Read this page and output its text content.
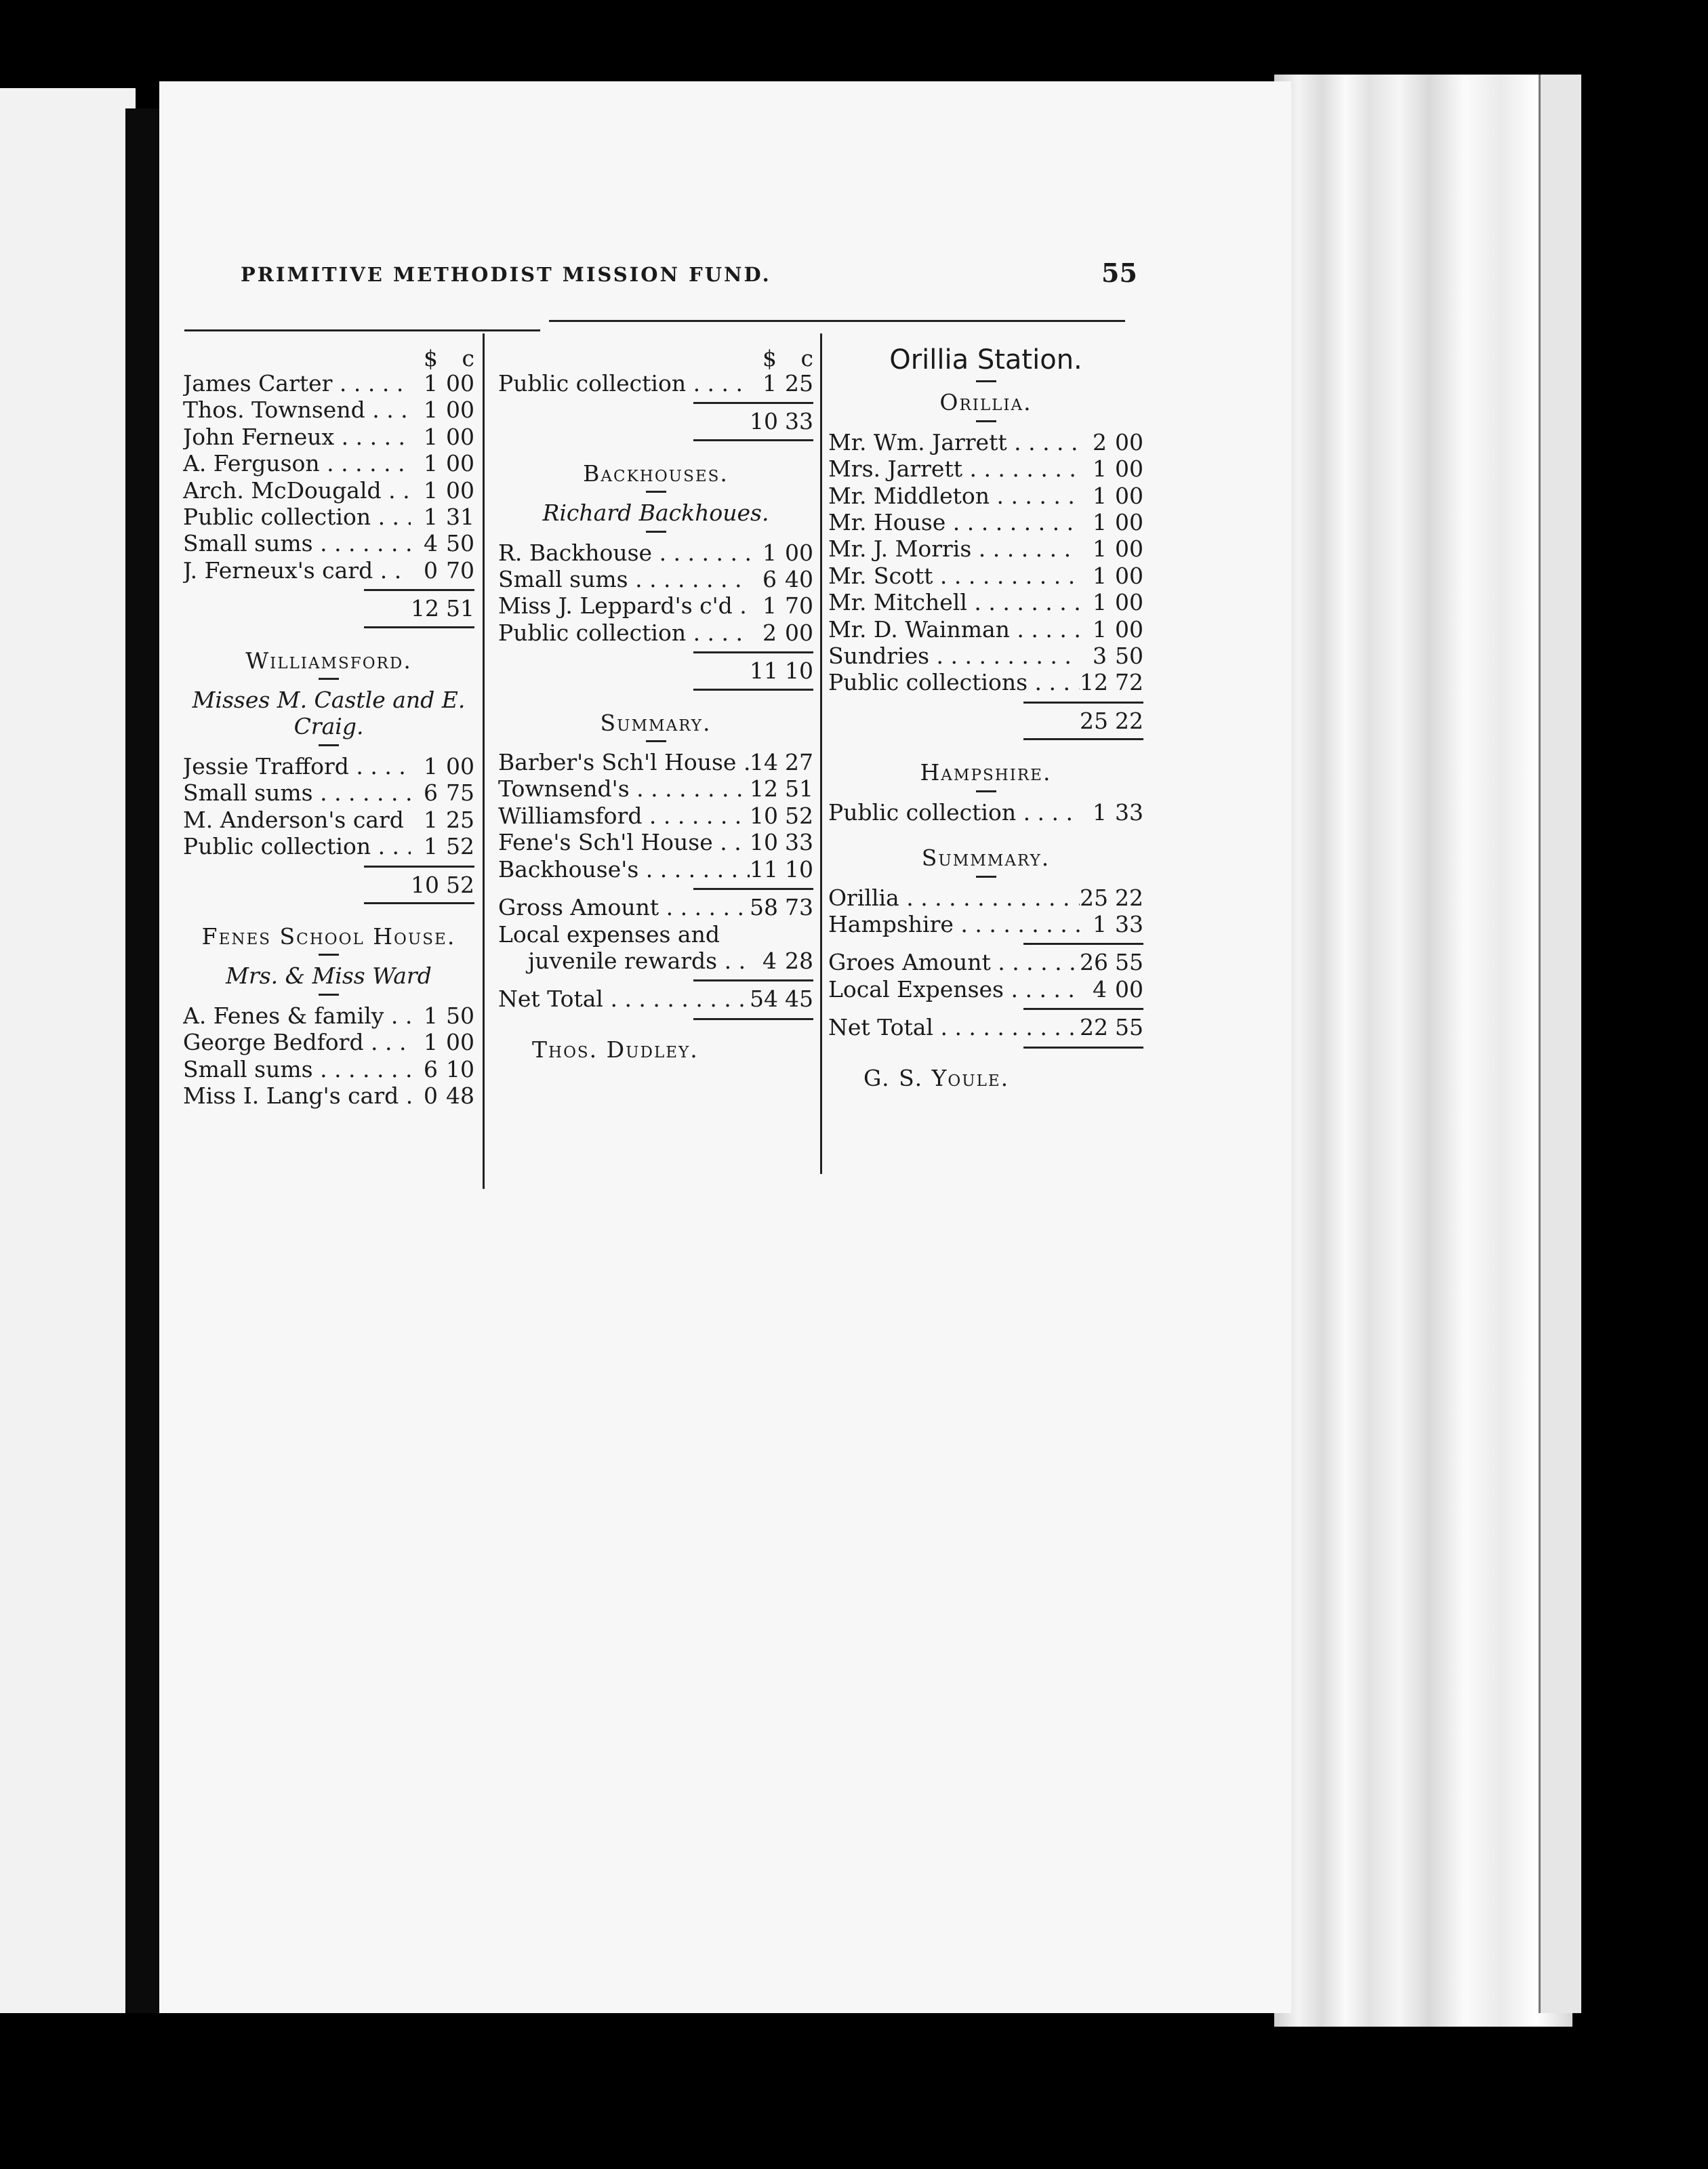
PRIMITIVE METHODIST MISSION FUND.	55
$	c
James Carter . . .	1 00
Thos. Townsend . . .	1 00
John Ferneux . . .	1 00
A. Ferguson . . .	1 00
Arch. McDougald . . .	1 00
Public collection . . .	1 31
Small sums . . .	4 50
J. Ferneux's card . . .	0 70
12 51
Williamsford.
Misses M. Castle and E. Craig.
Jessie Trafford . . .	1 00
Small sums . . .	6 75
M. Anderson's card . . . 1 25
Public collection . . .	1 52
10 52
Fenes School House.
Mrs. & Miss Ward
A. Fenes & family . . .	1 50
George Bedford . . .	1 00
Small sums . . .	6 10
Miss I. Lang's card . . .	0 48
$	c
Public collection . . .	1 25
10 33
Backhouses.
Richard Backhoues.
R. Backhouse . . .	1 00
Small sums . . .	6 40
Miss J. Leppard's c'd . . .	1 70
Public collection . . .	2 00
11 10
Summary.
Barber's Sch'l House . . . 14 27
Townsend's . . .	12 51
Williamsford . . .	10 52
Fene's Sch'l House . . .	10 33
Backhouse's . . .	11 10
Gross Amount . . .	58 73
Local expenses and
juvenile rewards . . .	4 28
Net Total . . .	54 45
Thos. Dudley.
Orillia Station.
Orillia.
Mr. Wm. Jarrett . . .	2 00
Mrs. Jarrett . . .	1 00
Mr. Middleton . . .	1 00
Mr. House . . .	1 00
Mr. J. Morris . . .	1 00
Mr. Scott . . .	1 00
Mr. Mitchell . . .	1 00
Mr. D. Wainman . . .	1 00
Sundries . . .	3 50
Public collections . . .	12 72
25 22
Hampshire.
Public collection . . .	1 33
Summmary.
Orillia . . .	25 22
Hampshire . . .	1 33
Groes Amount . . .	26 55
Local Expenses . . .	4 00
Net Total . . .	22 55
G. S. Youle.
